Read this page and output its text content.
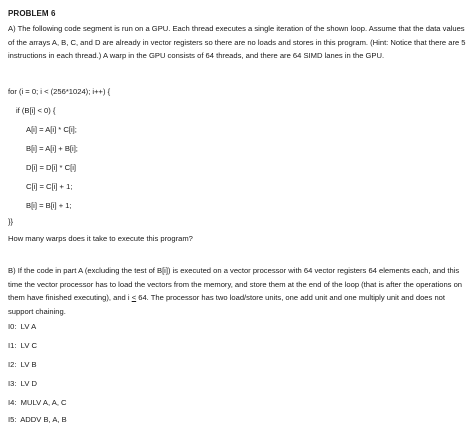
PROBLEM 6

A) The following code segment is run on a GPU. Each thread executes a single iteration of the shown loop. Assume that the data values of the arrays A, B, C, and D are already in vector registers so there are no loads and stores in this program. (Hint: Notice that there are 5 instructions in each thread.) A warp in the GPU consists of 64 threads, and there are 64 SIMD lanes in the GPU.

for (i = 0; i < (256*1024); i++) {
if (B[i] < 0) {
A[i] = A[i] * C[i];
B[i] = A[i] + B[i];
D[i] = D[i] * C[i]
C[i] = C[i] + 1;
B[i] = B[i] + 1;
}}
How many warps does it take to execute this program?

B) If the code in part A (excluding the test of B[i]) is executed on a vector processor with 64 vector registers 64 elements each, and this time the vector processor has to load the vectors from the memory, and store them at the end of the loop (that is after the operations on them have finished executing), and i ≤ 64. The processor has two load/store units, one add unit and one multiply unit and does not support chaining.

I0:  LV A
I1:  LV C
I2:  LV B
I3:  LV D
I4:  MULV A, A, C
I5:  ADDV B, A, B
